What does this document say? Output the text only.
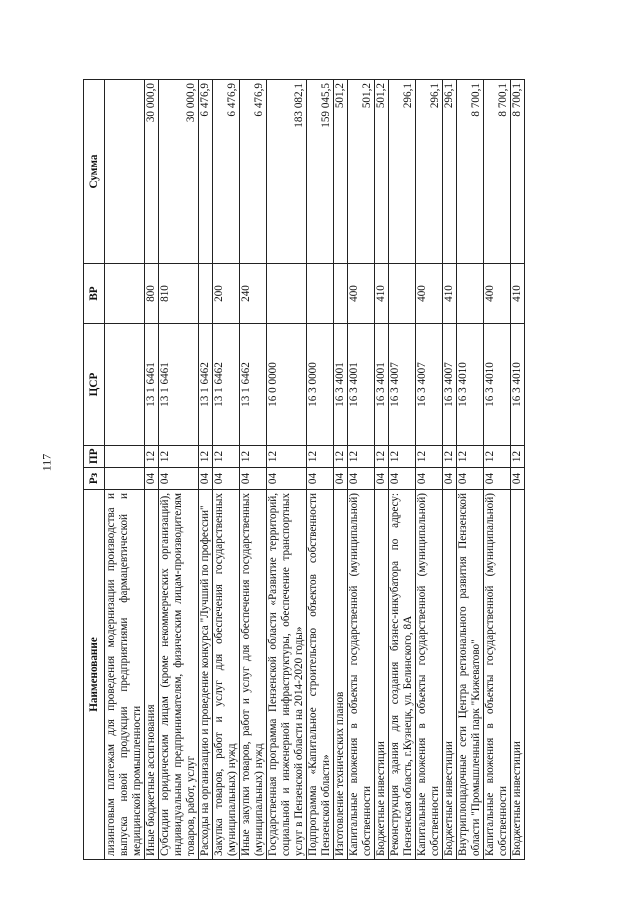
117
Наименование	Рз	ПР	ЦСР	ВР	Сумма
лизинговым платежам для проведения модернизации производства и выпуска новой продукции предприятиями фармацевтической и медицинской промышленности					
Иные бюджетные ассигнования	04	12	13 1 6461	800	30 000,0
Субсидии юридическим лицам (кроме некоммерческих организаций), индивидуальным предпринимателям, физическим лицам-производителям товаров, работ, услуг	04	12	13 1 6461	810	30 000,0
Расходы на организацию и проведение конкурса "Лучший по профессии"	04	12	13 1 6462		6 476,9
Закупка товаров, работ и услуг для обеспечения государственных (муниципальных) нужд	04	12	13 1 6462	200	6 476,9
Иные закупки товаров, работ и услуг для обеспечения государственных (муниципальных) нужд	04	12	13 1 6462	240	6 476,9
Государственная программа Пензенской области «Развитие территорий, социальной и инженерной инфраструктуры, обеспечение транспортных услуг в Пензенской области на 2014-2020 годы»	04	12	16 0 0000		183 082,1
Подпрограмма «Капитальное строительство объектов собственности Пензенской области»	04	12	16 3 0000		159 045,5
Изготовление технических планов	04	12	16 3 4001		501,2
Капитальные вложения в объекты государственной (муниципальной) собственности	04	12	16 3 4001	400	501,2
Бюджетные инвестиции	04	12	16 3 4001	410	501,2
Реконструкция здания для создания бизнес-инкубатора по адресу: Пензенская область, г.Кузнецк, ул. Белинского, 8А	04	12	16 3 4007		296,1
Капитальные вложения в объекты государственной (муниципальной) собственности	04	12	16 3 4007	400	296,1
Бюджетные инвестиции	04	12	16 3 4007	410	296,1
Внутриплощадочные сети Центра регионального развития Пензенской области "Промышленный парк "Кижеватово"	04	12	16 3 4010		8 700,1
Капитальные вложения в объекты государственной (муниципальной) собственности	04	12	16 3 4010	400	8 700,1
Бюджетные инвестиции	04	12	16 3 4010	410	8 700,1
